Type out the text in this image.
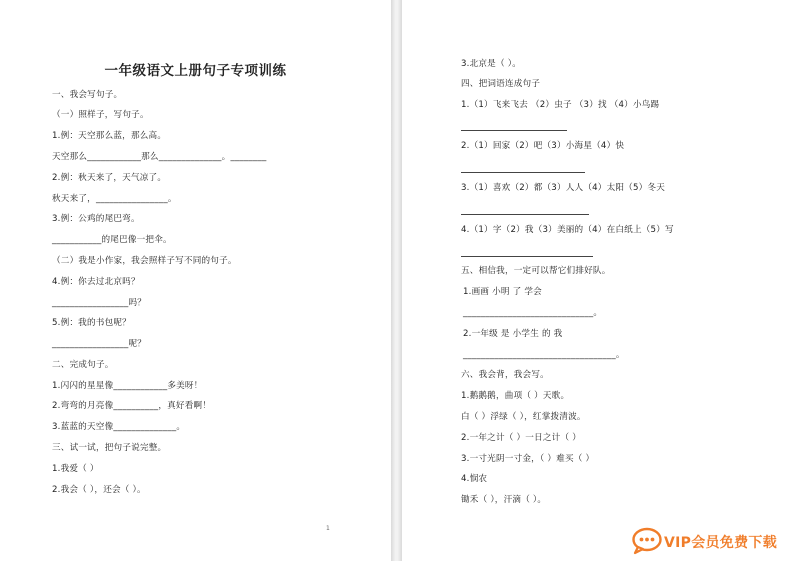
一年级语文上册句子专项训练
一、我会写句子。
（一）照样子，写句子。
1.例：天空那么蓝，那么高。
天空那么____________那么______________。________
2.例：秋天来了，天气凉了。
秋天来了，________________。
3.例：公鸡的尾巴弯。
___________的尾巴像一把伞。
（二）我是小作家，我会照样子写不同的句子。
4.例：你去过北京吗？
_________________吗？
5.例：我的书包呢？
_________________呢？
二、完成句子。
1.闪闪的星星像____________多美呀！
2.弯弯的月亮像__________，真好看啊！
3.蓝蓝的天空像______________。
三、试一试，把句子说完整。
1.我爱（ ）
2.我会（ ），还会（ ）。
1
3.北京是（ ）。
四、把词语连成句子
1.（1）飞来飞去 （2）虫子 （3）找 （4）小鸟踢
2.（1）回家（2）吧（3）小海星（4）快
3.（1）喜欢（2）都（3）人人（4）太阳（5）冬天
4.（1）字（2）我（3）美丽的（4）在白纸上（5）写
五、相信我，一定可以帮它们排好队。
1.画画 小明 了 学会
_____________________________。
2.一年级 是 小学生 的 我
__________________________________。
六、我会背，我会写。
1.鹅鹅鹅，曲项（ ）天歌。
白（ ）浮绿（ ），红掌拨清波。
2.一年之计（ ）一日之计（ ）
3.一寸光阴一寸金，（ ）难买（ ）
4.悯农
锄禾（ ），汗滴（ ）。
VIP会员免费下载
